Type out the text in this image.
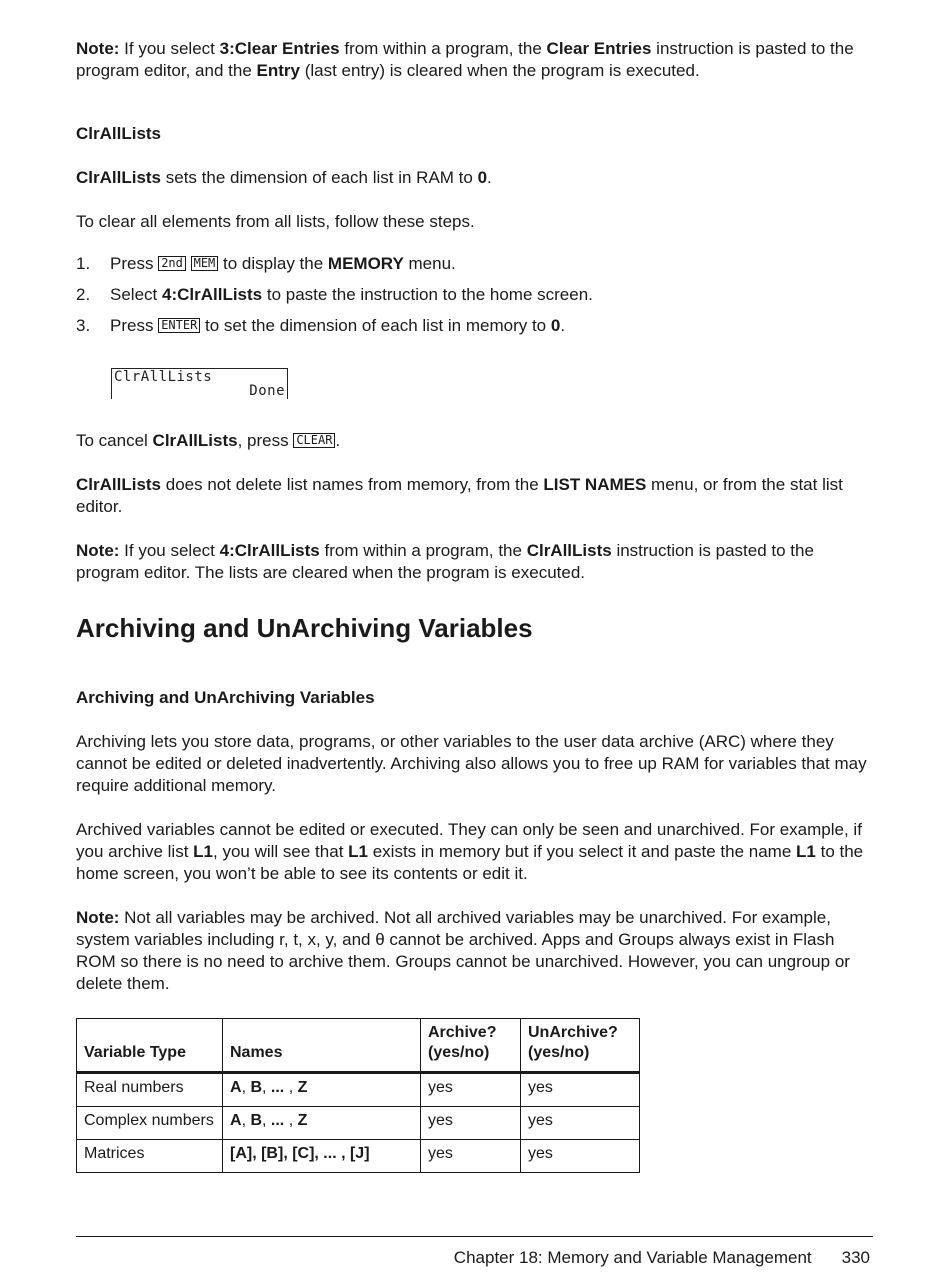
Note: If you select 3:Clear Entries from within a program, the Clear Entries instruction is pasted to the program editor, and the Entry (last entry) is cleared when the program is executed.

ClrAllLists

ClrAllLists sets the dimension of each list in RAM to 0.

To clear all elements from all lists, follow these steps.

1.	Press 2nd MEM to display the MEMORY menu.
2.	Select 4:ClrAllLists to paste the instruction to the home screen.
3.	Press ENTER to set the dimension of each list in memory to 0.
ClrAllLists
Done

To cancel ClrAllLists, press CLEAR .

ClrAllLists does not delete list names from memory, from the LIST NAMES menu, or from the stat list editor.

Note: If you select 4:ClrAllLists from within a program, the ClrAllLists instruction is pasted to the program editor. The lists are cleared when the program is executed.

Archiving and UnArchiving Variables

Archiving and UnArchiving Variables

Archiving lets you store data, programs, or other variables to the user data archive (ARC) where they cannot be edited or deleted inadvertently. Archiving also allows you to free up RAM for variables that may require additional memory.

Archived variables cannot be edited or executed. They can only be seen and unarchived. For example, if you archive list L1, you will see that L1 exists in memory but if you select it and paste the name L1 to the home screen, you won’t be able to see its contents or edit it.

Note: Not all variables may be archived. Not all archived variables may be unarchived. For example, system variables including r, t, x, y, and θ cannot be archived. Apps and Groups always exist in Flash ROM so there is no need to archive them. Groups cannot be unarchived. However, you can ungroup or delete them.

Variable Type	Names	Archive? (yes/no)	UnArchive? (yes/no)
Real numbers	A, B, ... , Z	yes	yes
Complex numbers	A, B, ... , Z	yes	yes
Matrices	[A], [B], [C], ... , [J]	yes	yes
Chapter 18: Memory and Variable Management 330
